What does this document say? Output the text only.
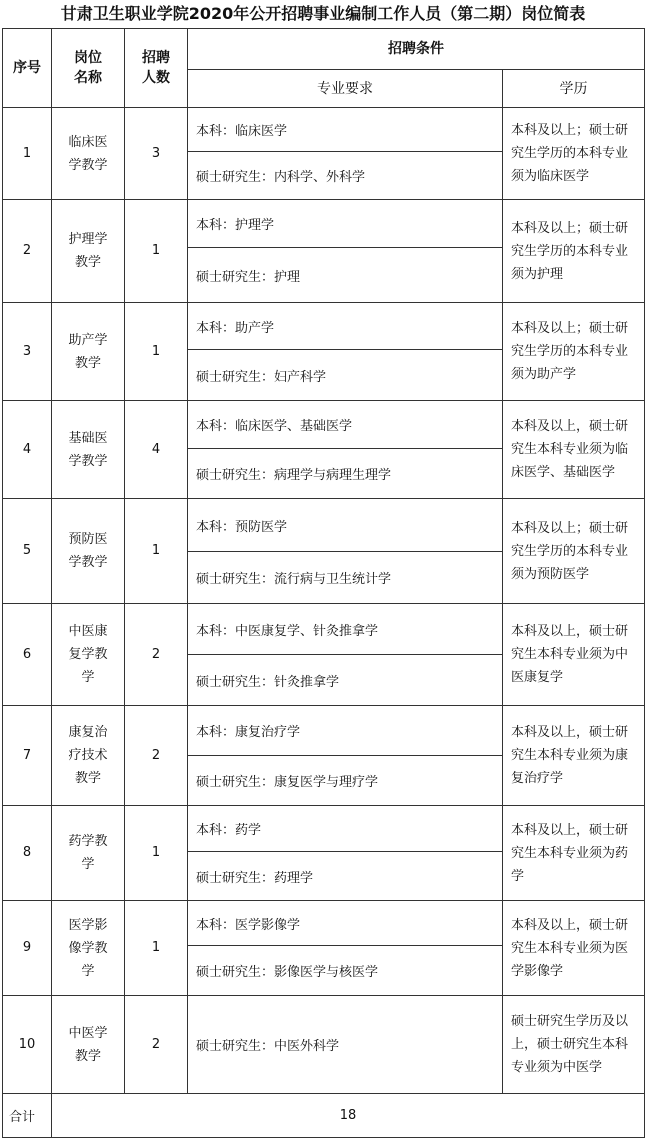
甘肃卫生职业学院2020年公开招聘事业编制工作人员（第二期）岗位简表
序号	岗位名称	招聘人数	招聘条件	
			专业要求	学历
1	临床医学教学	3	本科：临床医学	本科及以上；硕士研究生学历的本科专业须为临床医学
			硕士研究生：内科学、外科学	
2	护理学教学	1	本科：护理学	本科及以上；硕士研究生学历的本科专业须为护理
			硕士研究生：护理	
3	助产学教学	1	本科：助产学	本科及以上；硕士研究生学历的本科专业须为助产学
			硕士研究生：妇产科学	
4	基础医学教学	4	本科：临床医学、基础医学	本科及以上，硕士研究生本科专业须为临床医学、基础医学
			硕士研究生：病理学与病理生理学	
5	预防医学教学	1	本科：预防医学	本科及以上；硕士研究生学历的本科专业须为预防医学
			硕士研究生：流行病与卫生统计学	
6	中医康复学教学	2	本科：中医康复学、针灸推拿学	本科及以上，硕士研究生本科专业须为中医康复学
			硕士研究生：针灸推拿学	
7	康复治疗技术教学	2	本科：康复治疗学	本科及以上，硕士研究生本科专业须为康复治疗学
			硕士研究生：康复医学与理疗学	
8	药学教学	1	本科：药学	本科及以上，硕士研究生本科专业须为药学
			硕士研究生：药理学	
9	医学影像学教学	1	本科：医学影像学	本科及以上，硕士研究生本科专业须为医学影像学
			硕士研究生：影像医学与核医学	
10	中医学教学	2	硕士研究生：中医外科学	硕士研究生学历及以上，硕士研究生本科专业须为中医学
合计	18			
